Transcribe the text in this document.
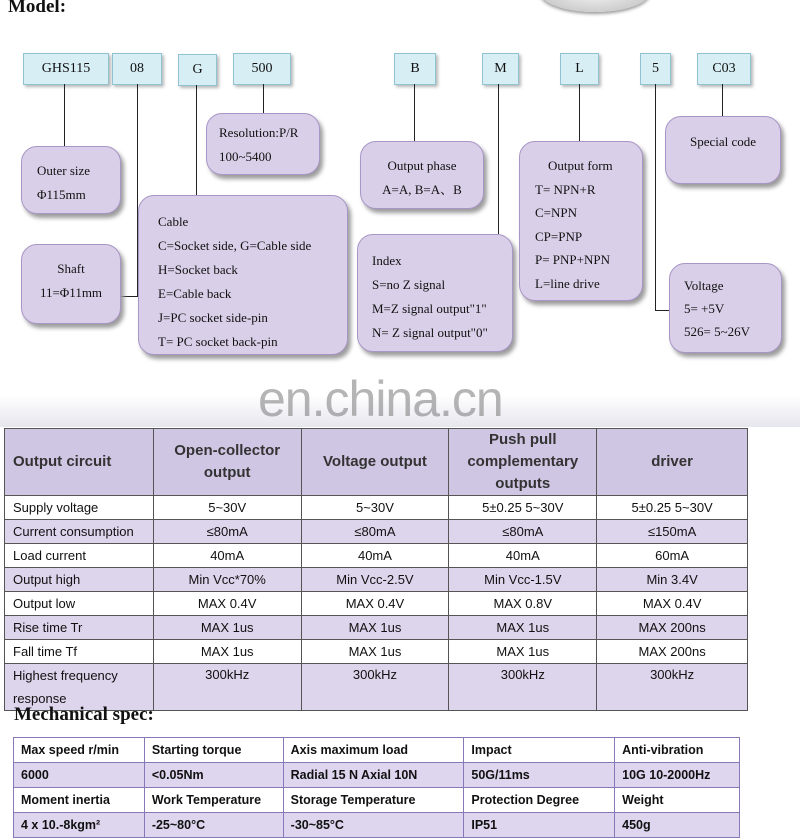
Model:
GHS115	08	G	500	B	M	L	5	C03
Outer size
Φ115mm
Shaft
11=Φ11mm
Resolution:P/R
100~5400
Cable
C=Socket side, G=Cable side
H=Socket back
E=Cable back
J=PC socket side-pin
T= PC socket back-pin
Output phase
A=A, B=A、B
Index
S=no Z signal
M=Z signal output"1"
N= Z signal output"0"
Output form
T= NPN+R
C=NPN
CP=PNP
P= PNP+NPN
L=line drive
Special code
Voltage
5= +5V
526= 5~26V
Output circuit	Open-collector output	Voltage output	Push pull complementary outputs	driver
Supply voltage	5~30V	5~30V	5±0.25 5~30V	5±0.25 5~30V
Current consumption	≤80mA	≤80mA	≤80mA	≤150mA
Load current	40mA	40mA	40mA	60mA
Output high	Min Vcc*70%	Min Vcc-2.5V	Min Vcc-1.5V	Min 3.4V
Output low	MAX 0.4V	MAX 0.4V	MAX 0.8V	MAX 0.4V
Rise time Tr	MAX 1us	MAX 1us	MAX 1us	MAX 200ns
Fall time Tf	MAX 1us	MAX 1us	MAX 1us	MAX 200ns
Highest frequency response	300kHz	300kHz	300kHz	300kHz
en.china.cn
Mechanical spec:
Max speed r/min	Starting torque	Axis maximum load	Impact	Anti-vibration
6000	<0.05Nm	Radial 15 N Axial 10N	50G/11ms	10G 10-2000Hz
Moment inertia	Work Temperature	Storage Temperature	Protection Degree	Weight
4 x 10.-8kgm²	-25~80°C	-30~85°C	IP51	450g
